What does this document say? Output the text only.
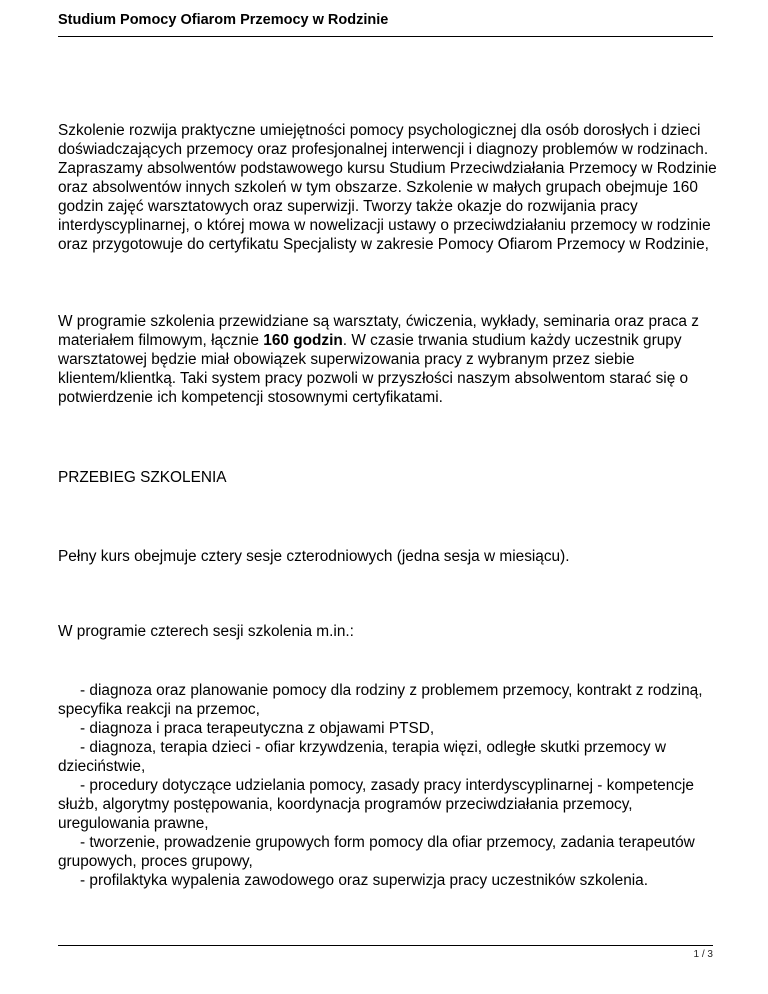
Studium Pomocy Ofiarom Przemocy w Rodzinie

Szkolenie rozwija praktyczne umiejętności pomocy psychologicznej dla osób dorosłych i dzieci doświadczających przemocy oraz profesjonalnej interwencji i diagnozy problemów w rodzinach. Zapraszamy absolwentów podstawowego kursu Studium Przeciwdziałania Przemocy w Rodzinie oraz absolwentów innych szkoleń w tym obszarze. Szkolenie w małych grupach obejmuje 160 godzin zajęć warsztatowych oraz superwizji. Tworzy także okazje do rozwijania pracy interdyscyplinarnej, o której mowa w nowelizacji ustawy o przeciwdziałaniu przemocy w rodzinie oraz przygotowuje do certyfikatu Specjalisty w zakresie Pomocy Ofiarom Przemocy w Rodzinie,

W programie szkolenia przewidziane są warsztaty, ćwiczenia, wykłady, seminaria oraz praca z materiałem filmowym, łącznie 160 godzin. W czasie trwania studium każdy uczestnik grupy warsztatowej będzie miał obowiązek superwizowania pracy z wybranym przez siebie klientem/klientką. Taki system pracy pozwoli w przyszłości naszym absolwentom starać się o potwierdzenie ich kompetencji stosownymi certyfikatami.

PRZEBIEG SZKOLENIA

Pełny kurs obejmuje cztery sesje czterodniowych (jedna sesja w miesiącu).

W programie czterech sesji szkolenia m.in.:

- diagnoza oraz planowanie pomocy dla rodziny z problemem przemocy, kontrakt z rodziną, specyfika reakcji na przemoc,

- diagnoza i praca terapeutyczna z objawami PTSD,

- diagnoza, terapia dzieci - ofiar krzywdzenia, terapia więzi, odległe skutki przemocy w dzieciństwie,

- procedury dotyczące udzielania pomocy, zasady pracy interdyscyplinarnej - kompetencje służb, algorytmy postępowania, koordynacja programów przeciwdziałania przemocy, uregulowania prawne,

- tworzenie, prowadzenie grupowych form pomocy dla ofiar przemocy, zadania terapeutów grupowych, proces grupowy,

- profilaktyka wypalenia zawodowego oraz superwizja pracy uczestników szkolenia.

1 / 3
